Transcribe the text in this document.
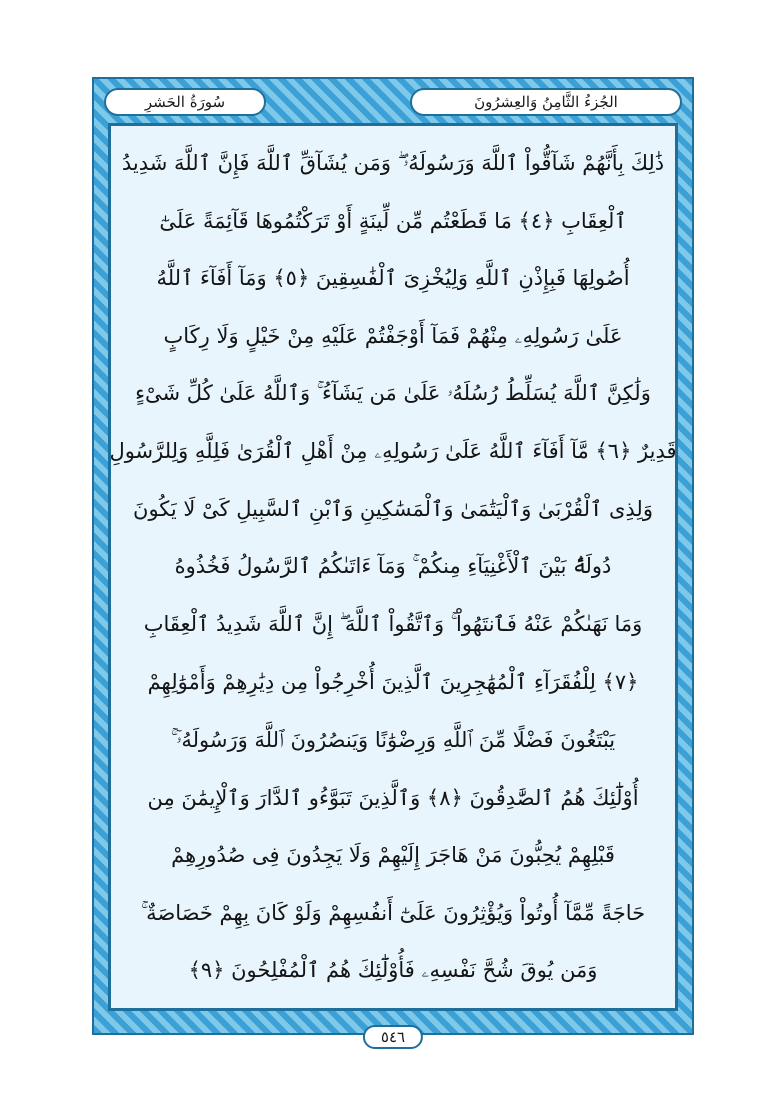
سُورَةُ الحَشرِ	الجُزءُ الثَّامِنُ وَالعِشرُونَ
ذَٰلِكَ بِأَنَّهُمْ شَآقُّواْ ٱللَّهَ وَرَسُولَهُۥ ۖ وَمَن يُشَآقِّ ٱللَّهَ فَإِنَّ ٱللَّهَ شَدِيدُ
ٱلْعِقَابِ ﴿٤﴾ مَا قَطَعْتُم مِّن لِّينَةٍ أَوْ تَرَكْتُمُوهَا قَآئِمَةً عَلَىٰٓ
أُصُولِهَا فَبِإِذْنِ ٱللَّهِ وَلِيُخْزِىَ ٱلْفَٰسِقِينَ ﴿٥﴾ وَمَآ أَفَآءَ ٱللَّهُ
عَلَىٰ رَسُولِهِۦ مِنْهُمْ فَمَآ أَوْجَفْتُمْ عَلَيْهِ مِنْ خَيْلٍ وَلَا رِكَابٍ
وَلَٰكِنَّ ٱللَّهَ يُسَلِّطُ رُسُلَهُۥ عَلَىٰ مَن يَشَآءُ ۚ وَٱللَّهُ عَلَىٰ كُلِّ شَىْءٍ
قَدِيرٌ ﴿٦﴾ مَّآ أَفَآءَ ٱللَّهُ عَلَىٰ رَسُولِهِۦ مِنْ أَهْلِ ٱلْقُرَىٰ فَلِلَّهِ وَلِلرَّسُولِ
وَلِذِى ٱلْقُرْبَىٰ وَٱلْيَتَٰمَىٰ وَٱلْمَسَٰكِينِ وَٱبْنِ ٱلسَّبِيلِ كَىْ لَا يَكُونَ
دُولَةًۢ بَيْنَ ٱلْأَغْنِيَآءِ مِنكُمْ ۚ وَمَآ ءَاتَىٰكُمُ ٱلرَّسُولُ فَخُذُوهُ
وَمَا نَهَىٰكُمْ عَنْهُ فَٱنتَهُواْ ۚ وَٱتَّقُواْ ٱللَّهَ ۖ إِنَّ ٱللَّهَ شَدِيدُ ٱلْعِقَابِ
﴿٧﴾ لِلْفُقَرَآءِ ٱلْمُهَٰجِرِينَ ٱلَّذِينَ أُخْرِجُواْ مِن دِيَٰرِهِمْ وَأَمْوَٰلِهِمْ
يَبْتَغُونَ فَضْلًا مِّنَ ٱللَّهِ وَرِضْوَٰنًا وَيَنصُرُونَ ٱللَّهَ وَرَسُولَهُۥٓ ۚ
أُوْلَٰٓئِكَ هُمُ ٱلصَّٰدِقُونَ ﴿٨﴾ وَٱلَّذِينَ تَبَوَّءُو ٱلدَّارَ وَٱلْإِيمَٰنَ مِن
قَبْلِهِمْ يُحِبُّونَ مَنْ هَاجَرَ إِلَيْهِمْ وَلَا يَجِدُونَ فِى صُدُورِهِمْ
حَاجَةً مِّمَّآ أُوتُواْ وَيُؤْثِرُونَ عَلَىٰٓ أَنفُسِهِمْ وَلَوْ كَانَ بِهِمْ خَصَاصَةٌ ۚ
وَمَن يُوقَ شُحَّ نَفْسِهِۦ فَأُوْلَٰٓئِكَ هُمُ ٱلْمُفْلِحُونَ ﴿٩﴾
٥٤٦
